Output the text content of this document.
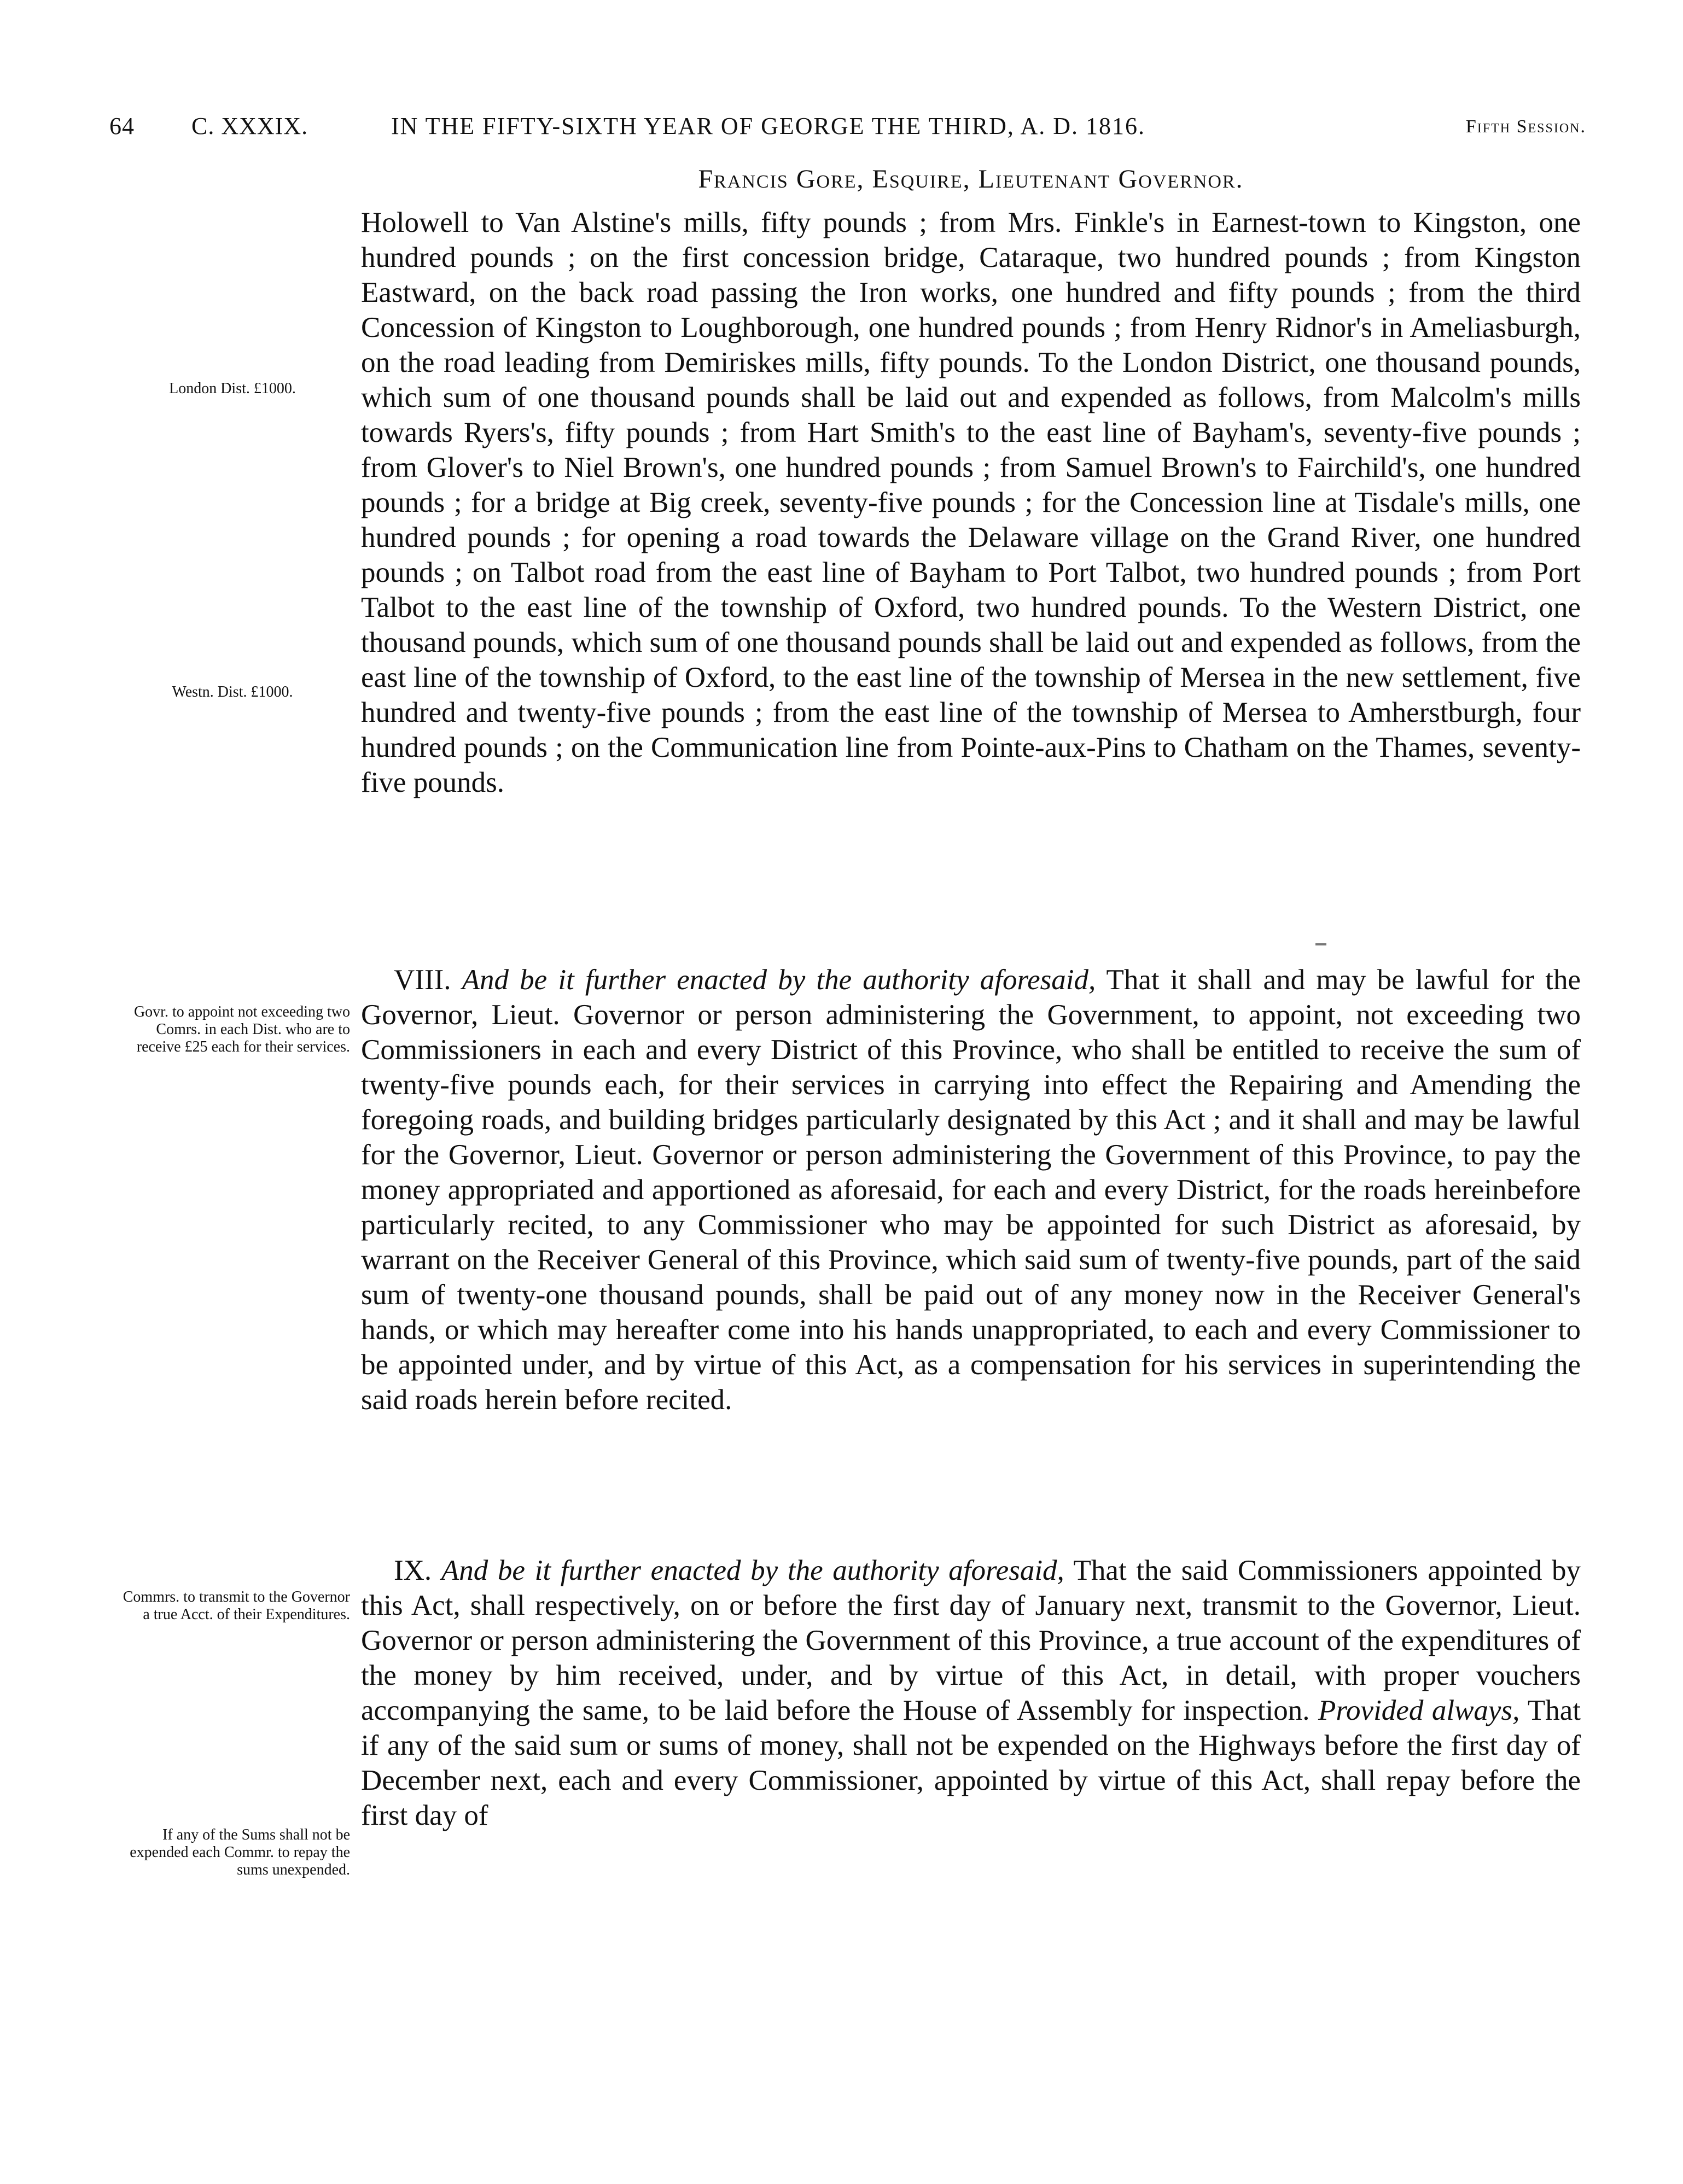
64 C. XXXIX.	IN THE FIFTY-SIXTH YEAR OF GEORGE THE THIRD, A. D. 1816.	Fifth Session.
Francis Gore, Esquire, Lieutenant Governor.
London Dist. £1000.
Westn. Dist. £1000.
Govr. to appoint not exceeding two Comrs. in each Dist. who are to receive £25 each for their services.
Commrs. to transmit to the Governor a true Acct. of their Expenditures.
If any of the Sums shall not be expended each Commr. to repay the sums unexpended.

Holowell to Van Alstine's mills, fifty pounds ; from Mrs. Finkle's in Earnest-town to Kingston, one hundred pounds ; on the first concession bridge, Cataraque, two hundred pounds ; from Kingston Eastward, on the back road passing the Iron works, one hundred and fifty pounds ; from the third Concession of Kingston to Loughborough, one hundred pounds ; from Henry Ridnor's in Ameliasburgh, on the road leading from Demiriskes mills, fifty pounds. To the London District, one thousand pounds, which sum of one thousand pounds shall be laid out and expended as follows, from Malcolm's mills towards Ryers's, fifty pounds ; from Hart Smith's to the east line of Bayham's, seventy-five pounds ; from Glover's to Niel Brown's, one hundred pounds ; from Samuel Brown's to Fairchild's, one hundred pounds ; for a bridge at Big creek, seventy-five pounds ; for the Concession line at Tisdale's mills, one hundred pounds ; for opening a road towards the Delaware village on the Grand River, one hundred pounds ; on Talbot road from the east line of Bayham to Port Talbot, two hundred pounds ; from Port Talbot to the east line of the township of Oxford, two hundred pounds. To the Western District, one thousand pounds, which sum of one thousand pounds shall be laid out and expended as follows, from the east line of the township of Oxford, to the east line of the township of Mersea in the new settlement, five hundred and twenty-five pounds ; from the east line of the township of Mersea to Amherstburgh, four hundred pounds ; on the Communication line from Pointe-aux-Pins to Chatham on the Thames, seventy-five pounds.

VIII. And be it further enacted by the authority aforesaid, That it shall and may be lawful for the Governor, Lieut. Governor or person administering the Government, to appoint, not exceeding two Commissioners in each and every District of this Province, who shall be entitled to receive the sum of twenty-five pounds each, for their services in carrying into effect the Repairing and Amending the foregoing roads, and building bridges particularly designated by this Act ; and it shall and may be lawful for the Governor, Lieut. Governor or person administering the Government of this Province, to pay the money appropriated and apportioned as aforesaid, for each and every District, for the roads hereinbefore particularly recited, to any Commissioner who may be appointed for such District as aforesaid, by warrant on the Receiver General of this Province, which said sum of twenty-five pounds, part of the said sum of twenty-one thousand pounds, shall be paid out of any money now in the Receiver General's hands, or which may hereafter come into his hands unappropriated, to each and every Commissioner to be appointed under, and by virtue of this Act, as a compensation for his services in superintending the said roads herein before recited.

IX. And be it further enacted by the authority aforesaid, That the said Commissioners appointed by this Act, shall respectively, on or before the first day of January next, transmit to the Governor, Lieut. Governor or person administering the Government of this Province, a true account of the expenditures of the money by him received, under, and by virtue of this Act, in detail, with proper vouchers accompanying the same, to be laid before the House of Assembly for inspection. Provided always, That if any of the said sum or sums of money, shall not be expended on the Highways before the first day of December next, each and every Commissioner, appointed by virtue of this Act, shall repay before the first day of
